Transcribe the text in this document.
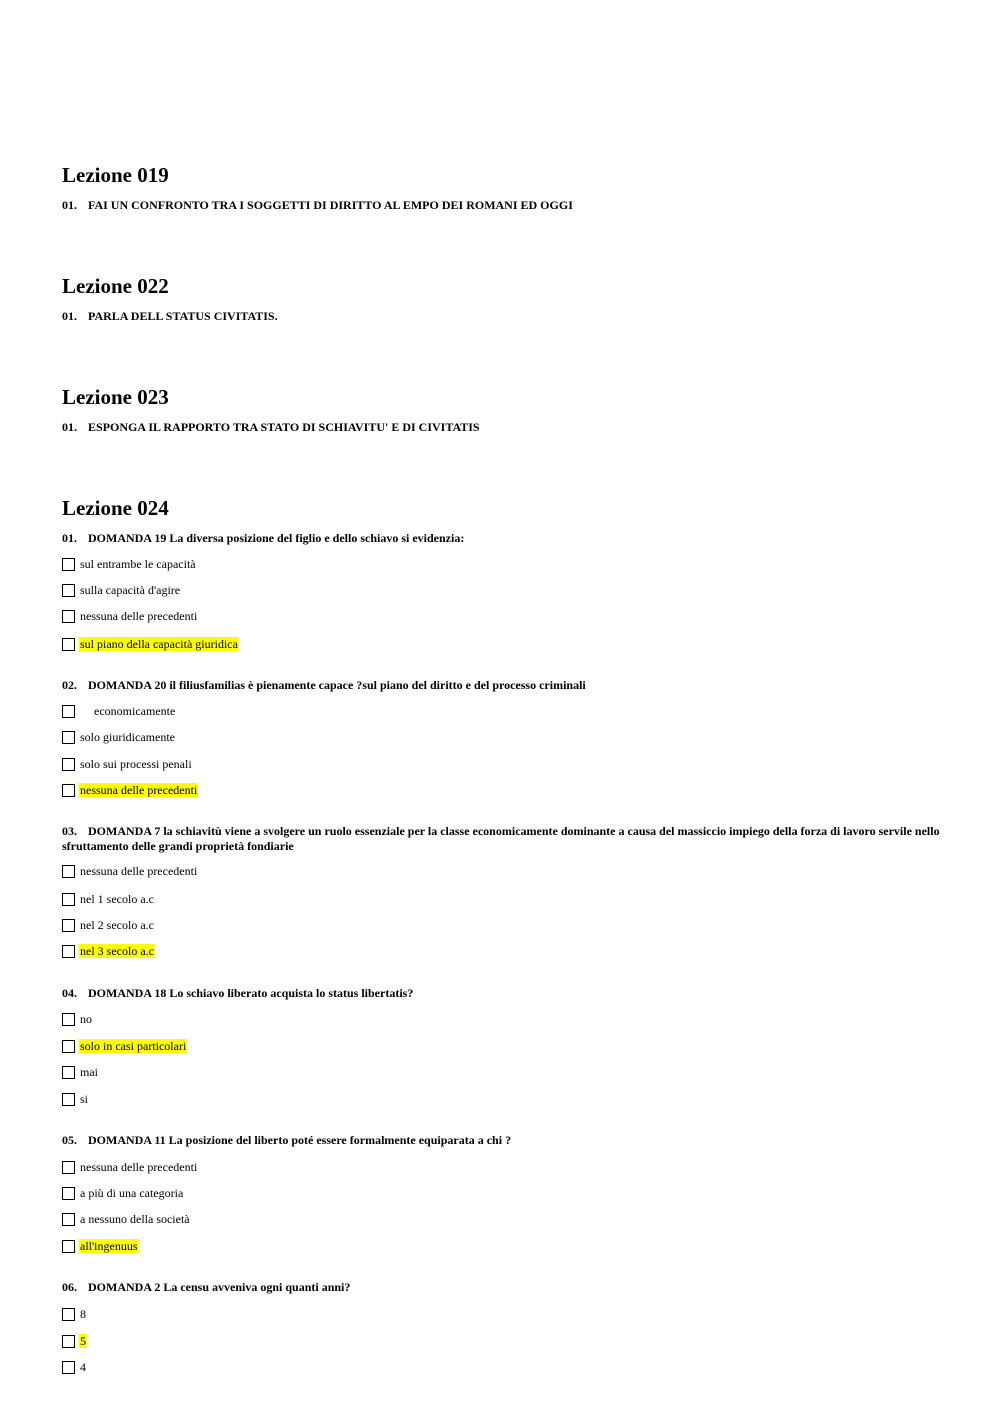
Lezione 019

01. FAI UN CONFRONTO TRA I SOGGETTI DI DIRITTO AL EMPO DEI ROMANI ED OGGI

Lezione 022

01. PARLA DELL STATUS CIVITATIS.

Lezione 023

01. ESPONGA IL RAPPORTO TRA STATO DI SCHIAVITU' E DI CIVITATIS

Lezione 024

01. DOMANDA 19 La diversa posizione del figlio e dello schiavo si evidenzia:

sul entrambe le capacità
sulla capacità d'agire
nessuna delle precedenti
sul piano della capacità giuridica

02. DOMANDA 20 il filiusfamilias è pienamente capace ?sul piano del diritto e del processo criminali

economicamente
solo giuridicamente
solo sui processi penali
nessuna delle precedenti

03. DOMANDA 7 la schiavitù viene a svolgere un ruolo essenziale per la classe economicamente dominante a causa del massiccio impiego della forza di lavoro servile nello sfruttamento delle grandi proprietà fondiarie

nessuna delle precedenti
nel 1 secolo a.c
nel 2 secolo a.c
nel 3 secolo a.c

04. DOMANDA 18 Lo schiavo liberato acquista lo status libertatis?

no
solo in casi particolari
mai
si

05. DOMANDA 11 La posizione del liberto poté essere formalmente equiparata a chi ?

nessuna delle precedenti
a più di una categoria
a nessuno della società
all'ingenuus

06. DOMANDA 2 La censu avveniva ogni quanti anni?

8
5
4
